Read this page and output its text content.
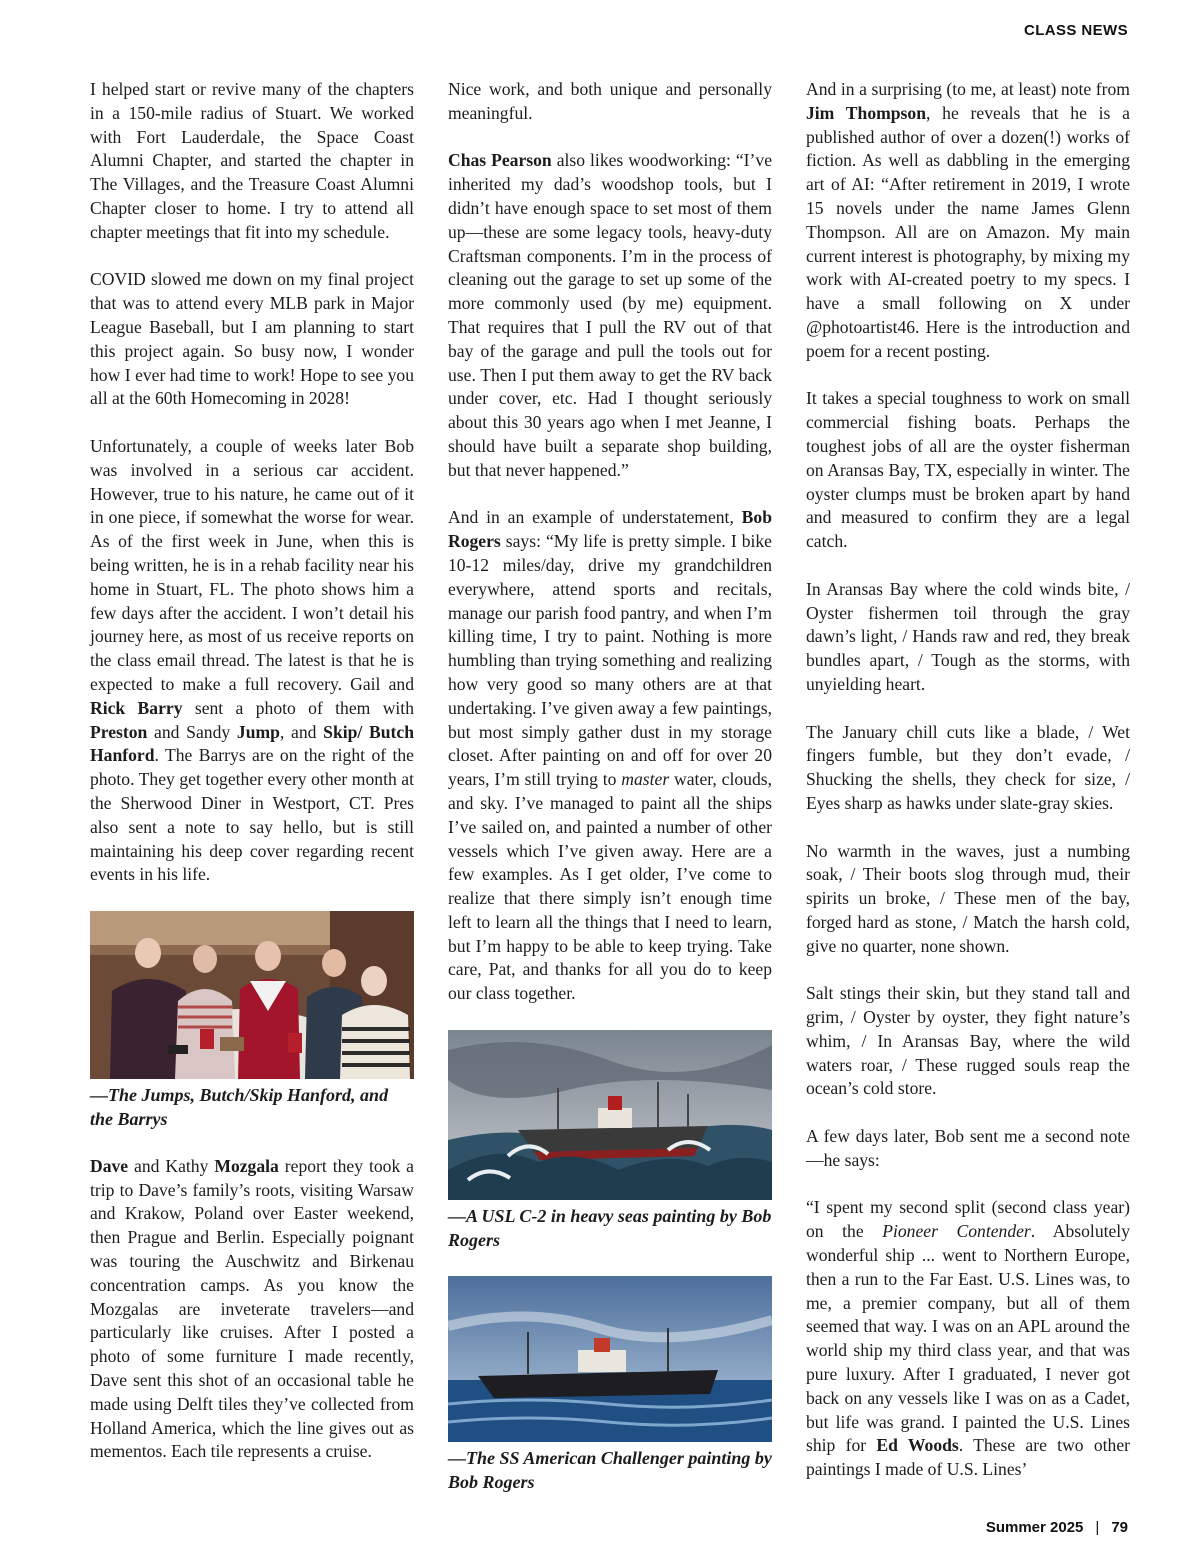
CLASS NEWS

I helped start or revive many of the chapters in a 150-mile radius of Stuart. We worked with Fort Lauderdale, the Space Coast Alumni Chapter, and started the chapter in The Villages, and the Treasure Coast Alumni Chapter closer to home. I try to attend all chapter meetings that fit into my schedule.

COVID slowed me down on my final project that was to attend every MLB park in Major League Baseball, but I am planning to start this project again. So busy now, I wonder how I ever had time to work! Hope to see you all at the 60th Homecoming in 2028!

Unfortunately, a couple of weeks later Bob was involved in a serious car accident. However, true to his nature, he came out of it in one piece, if somewhat the worse for wear. As of the first week in June, when this is being written, he is in a rehab facility near his home in Stuart, FL. The photo shows him a few days after the accident. I won’t detail his journey here, as most of us receive reports on the class email thread. The latest is that he is expected to make a full recovery. Gail and Rick Barry sent a photo of them with Preston and Sandy Jump, and Skip/ Butch Hanford. The Barrys are on the right of the photo. They get together every other month at the Sherwood Diner in Westport, CT. Pres also sent a note to say hello, but is still maintaining his deep cover regarding recent events in his life.

—The Jumps, Butch/Skip Hanford, and the Barrys

Dave and Kathy Mozgala report they took a trip to Dave’s family’s roots, visiting Warsaw and Krakow, Poland over Easter weekend, then Prague and Berlin. Especially poignant was touring the Auschwitz and Birkenau concentration camps. As you know the Mozgalas are inveterate travelers—and particularly like cruises. After I posted a photo of some furniture I made recently, Dave sent this shot of an occasional table he made using Delft tiles they’ve collected from Holland America, which the line gives out as mementos. Each tile represents a cruise.

Nice work, and both unique and personally meaningful.

Chas Pearson also likes woodworking: “I’ve inherited my dad’s woodshop tools, but I didn’t have enough space to set most of them up—these are some legacy tools, heavy-duty Craftsman components. I’m in the process of cleaning out the garage to set up some of the more commonly used (by me) equipment. That requires that I pull the RV out of that bay of the garage and pull the tools out for use. Then I put them away to get the RV back under cover, etc. Had I thought seriously about this 30 years ago when I met Jeanne, I should have built a separate shop building, but that never happened.”

And in an example of understatement, Bob Rogers says: “My life is pretty simple. I bike 10-12 miles/day, drive my grandchildren everywhere, attend sports and recitals, manage our parish food pantry, and when I’m killing time, I try to paint. Nothing is more humbling than trying something and realizing how very good so many others are at that undertaking. I’ve given away a few paintings, but most simply gather dust in my storage closet. After painting on and off for over 20 years, I’m still trying to master water, clouds, and sky. I’ve managed to paint all the ships I’ve sailed on, and painted a number of other vessels which I’ve given away. Here are a few examples. As I get older, I’ve come to realize that there simply isn’t enough time left to learn all the things that I need to learn, but I’m happy to be able to keep trying. Take care, Pat, and thanks for all you do to keep our class together.

—A USL C-2 in heavy seas painting by Bob Rogers
—The SS American Challenger painting by Bob Rogers

And in a surprising (to me, at least) note from Jim Thompson, he reveals that he is a published author of over a dozen(!) works of fiction. As well as dabbling in the emerging art of AI: “After retirement in 2019, I wrote 15 novels under the name James Glenn Thompson. All are on Amazon. My main current interest is photography, by mixing my work with AI-created poetry to my specs. I have a small following on X under @photoartist46. Here is the introduction and poem for a recent posting.

It takes a special toughness to work on small commercial fishing boats. Perhaps the toughest jobs of all are the oyster fisherman on Aransas Bay, TX, especially in winter. The oyster clumps must be broken apart by hand and measured to confirm they are a legal catch.

In Aransas Bay where the cold winds bite, / Oyster fishermen toil through the gray dawn’s light, / Hands raw and red, they break bundles apart, / Tough as the storms, with unyielding heart.

The January chill cuts like a blade, / Wet fingers fumble, but they don’t evade, / Shucking the shells, they check for size, / Eyes sharp as hawks under slate-gray skies.

No warmth in the waves, just a numbing soak, / Their boots slog through mud, their spirits un broke, / These men of the bay, forged hard as stone, / Match the harsh cold, give no quarter, none shown.

Salt stings their skin, but they stand tall and grim, / Oyster by oyster, they fight nature’s whim, / In Aransas Bay, where the wild waters roar, / These rugged souls reap the ocean’s cold store.

A few days later, Bob sent me a second note—he says:

“I spent my second split (second class year) on the Pioneer Contender. Absolutely wonderful ship ... went to Northern Europe, then a run to the Far East. U.S. Lines was, to me, a premier company, but all of them seemed that way. I was on an APL around the world ship my third class year, and that was pure luxury. After I graduated, I never got back on any vessels like I was on as a Cadet, but life was grand. I painted the U.S. Lines ship for Ed Woods. These are two other paintings I made of U.S. Lines’

Summer 2025 | 79
